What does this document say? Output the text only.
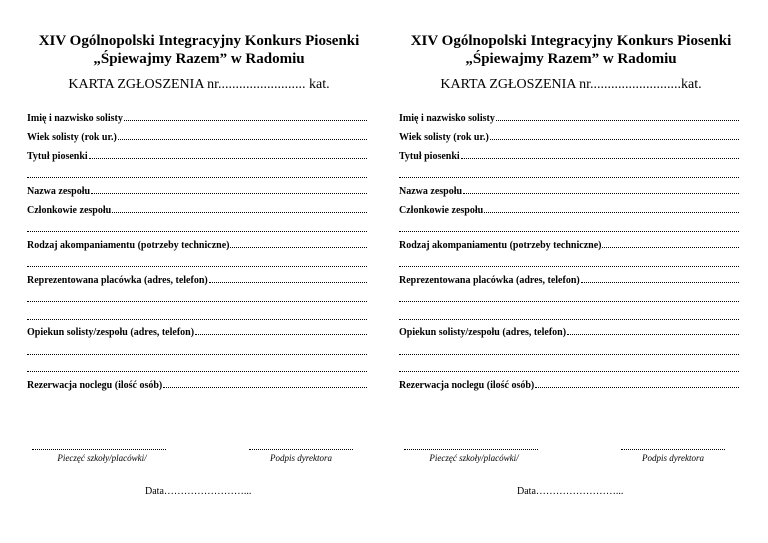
XIV Ogólnopolski Integracyjny Konkurs Piosenki
„Śpiewajmy Razem” w Radomiu
KARTA ZGŁOSZENIA nr......................... kat.
Imię i nazwisko solisty
Wiek solisty (rok ur.)
Tytuł piosenki
Nazwa zespołu
Członkowie zespołu
Rodzaj akompaniamentu (potrzeby techniczne)
Reprezentowana placówka (adres, telefon)
Opiekun solisty/zespołu (adres, telefon)
Rezerwacja noclegu (ilość osób)
Pieczęć szkoły/placówki/	Podpis dyrektora
Data……………………...
XIV Ogólnopolski Integracyjny Konkurs Piosenki
„Śpiewajmy Razem” w Radomiu
KARTA ZGŁOSZENIA nr..........................kat.
Imię i nazwisko solisty
Wiek solisty (rok ur.)
Tytuł piosenki
Nazwa zespołu
Członkowie zespołu
Rodzaj akompaniamentu (potrzeby techniczne)
Reprezentowana placówka (adres, telefon)
Opiekun solisty/zespołu (adres, telefon)
Rezerwacja noclegu (ilość osób)
Pieczęć szkoły/placówki/	Podpis dyrektora
Data……………………...
